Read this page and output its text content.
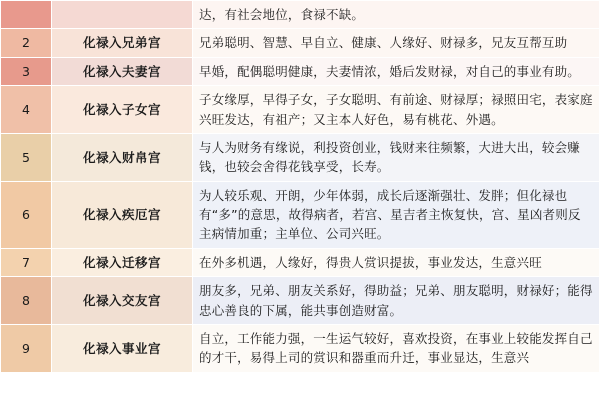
		达，有社会地位，食禄不缺。
2	化禄入兄弟宫	兄弟聪明、智慧、早自立、健康、人缘好、财禄多，兄友互帮互助
3	化禄入夫妻宫	早婚，配偶聪明健康，夫妻情浓，婚后发财禄，对自己的事业有助。
4	化禄入子女宫	子女缘厚，早得子女，子女聪明、有前途、财禄厚；禄照田宅，表家庭兴旺发达，有祖产；又主本人好色，易有桃花、外遇。
5	化禄入财帛宫	与人为财务有缘说，利投资创业，钱财来往频繁，大进大出，较会赚钱，也较会舍得花钱享受，长寿。
6	化禄入疾厄宫	为人较乐观、开朗，少年体弱，成长后逐渐强壮、发胖；但化禄也有“多”的意思，故得病者，若宫、星吉者主恢复快，宫、星凶者则反主病情加重；主单位、公司兴旺。
7	化禄入迁移宫	在外多机遇，人缘好，得贵人赏识提拔，事业发达，生意兴旺
8	化禄入交友宫	朋友多，兄弟、朋友关系好，得助益；兄弟、朋友聪明，财禄好；能得忠心善良的下属，能共事创造财富。
9	化禄入事业宫	自立，工作能力强，一生运气较好，喜欢投资，在事业上较能发挥自己的才干，易得上司的赏识和器重而升迁，事业显达，生意兴
